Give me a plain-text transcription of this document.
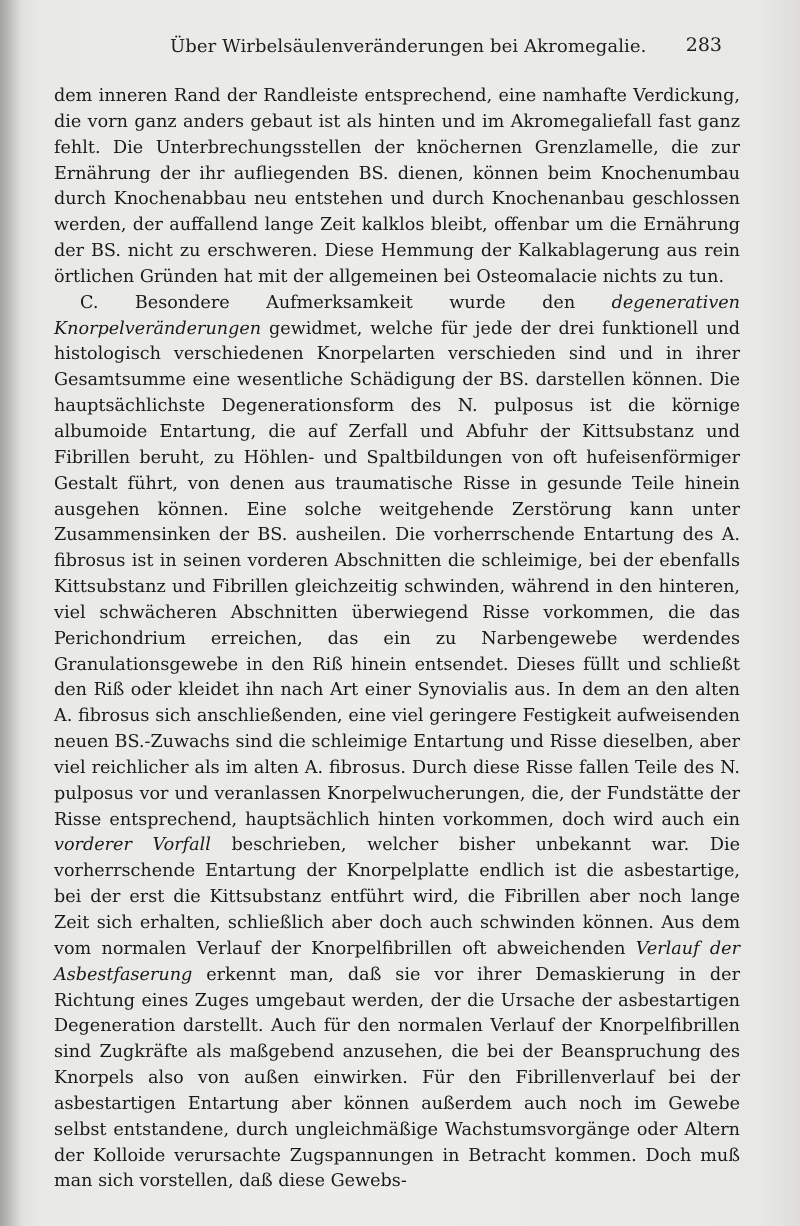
Über Wirbelsäulenveränderungen bei Akromegalie. 283

dem inneren Rand der Randleiste entsprechend, eine namhafte Verdickung, die vorn ganz anders gebaut ist als hinten und im Akromegaliefall fast ganz fehlt. Die Unterbrechungsstellen der knöchernen Grenzlamelle, die zur Ernährung der ihr aufliegenden BS. dienen, können beim Knochenumbau durch Knochenabbau neu entstehen und durch Knochenanbau geschlossen werden, der auffallend lange Zeit kalklos bleibt, offenbar um die Ernährung der BS. nicht zu erschweren. Diese Hemmung der Kalkablagerung aus rein örtlichen Gründen hat mit der allgemeinen bei Osteomalacie nichts zu tun.

C. Besondere Aufmerksamkeit wurde den degenerativen Knorpelveränderungen gewidmet, welche für jede der drei funktionell und histologisch verschiedenen Knorpelarten verschieden sind und in ihrer Gesamtsumme eine wesentliche Schädigung der BS. darstellen können. Die hauptsächlichste Degenerationsform des N. pulposus ist die körnige albumoide Entartung, die auf Zerfall und Abfuhr der Kittsubstanz und Fibrillen beruht, zu Höhlen- und Spaltbildungen von oft hufeisenförmiger Gestalt führt, von denen aus traumatische Risse in gesunde Teile hinein ausgehen können. Eine solche weitgehende Zerstörung kann unter Zusammensinken der BS. ausheilen. Die vorherrschende Entartung des A. fibrosus ist in seinen vorderen Abschnitten die schleimige, bei der ebenfalls Kittsubstanz und Fibrillen gleichzeitig schwinden, während in den hinteren, viel schwächeren Abschnitten überwiegend Risse vorkommen, die das Perichondrium erreichen, das ein zu Narbengewebe werdendes Granulationsgewebe in den Riß hinein entsendet. Dieses füllt und schließt den Riß oder kleidet ihn nach Art einer Synovialis aus. In dem an den alten A. fibrosus sich anschließenden, eine viel geringere Festigkeit aufweisenden neuen BS.-Zuwachs sind die schleimige Entartung und Risse dieselben, aber viel reichlicher als im alten A. fibrosus. Durch diese Risse fallen Teile des N. pulposus vor und veranlassen Knorpelwucherungen, die, der Fundstätte der Risse entsprechend, hauptsächlich hinten vorkommen, doch wird auch ein vorderer Vorfall beschrieben, welcher bisher unbekannt war. Die vorherrschende Entartung der Knorpelplatte endlich ist die asbestartige, bei der erst die Kittsubstanz entführt wird, die Fibrillen aber noch lange Zeit sich erhalten, schließlich aber doch auch schwinden können. Aus dem vom normalen Verlauf der Knorpelfibrillen oft abweichenden Verlauf der Asbestfaserung erkennt man, daß sie vor ihrer Demaskierung in der Richtung eines Zuges umgebaut werden, der die Ursache der asbestartigen Degeneration darstellt. Auch für den normalen Verlauf der Knorpelfibrillen sind Zugkräfte als maßgebend anzusehen, die bei der Beanspruchung des Knorpels also von außen einwirken. Für den Fibrillenverlauf bei der asbestartigen Entartung aber können außerdem auch noch im Gewebe selbst entstandene, durch ungleichmäßige Wachstumsvorgänge oder Altern der Kolloide verursachte Zugspannungen in Betracht kommen. Doch muß man sich vorstellen, daß diese Gewebs-
